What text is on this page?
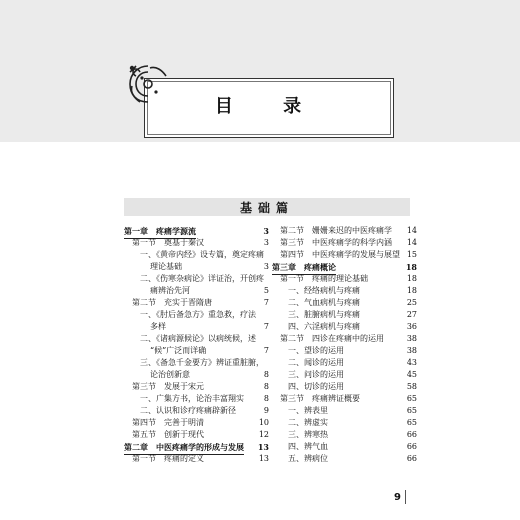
目 录
基础篇
第一章　疼痛学源流	3
第一节　奠基于秦汉	3
一、《黄帝内经》设专篇，奠定疼痛
理论基础	3
二、《伤寒杂病论》详证治，开创疼
痛辨治先河	5
第二节　充实于晋隋唐	7
一、《肘后备急方》重急救，疗法
多样	7
二、《诸病源候论》以病统候，述
“候”广泛而详确	7
三、《备急千金要方》辨证重脏腑，
论治创新意	8
第三节　发展于宋元	8
一、广集方书，论治丰富翔实	8
二、认识和诊疗疼痛辟新径	9
第四节　完善于明清	10
第五节　创新于现代	12
第二章　中医疼痛学的形成与发展	13
第一节　疼痛的定义	13
第二节　姗姗来迟的中医疼痛学	14
第三节　中医疼痛学的科学内涵	14
第四节　中医疼痛学的发展与展望 15
第三章　疼痛概论	18
第一节　疼痛的理论基础	18
一、经络病机与疼痛	18
二、气血病机与疼痛	25
三、脏腑病机与疼痛	27
四、六淫病机与疼痛	36
第二节　四诊在疼痛中的运用	38
一、望诊的运用	38
二、闻诊的运用	43
三、问诊的运用	45
四、切诊的运用	58
第三节　疼痛辨证概要	65
一、辨表里	65
二、辨虚实	65
三、辨寒热	66
四、辨气血	66
五、辨病位	66
9
